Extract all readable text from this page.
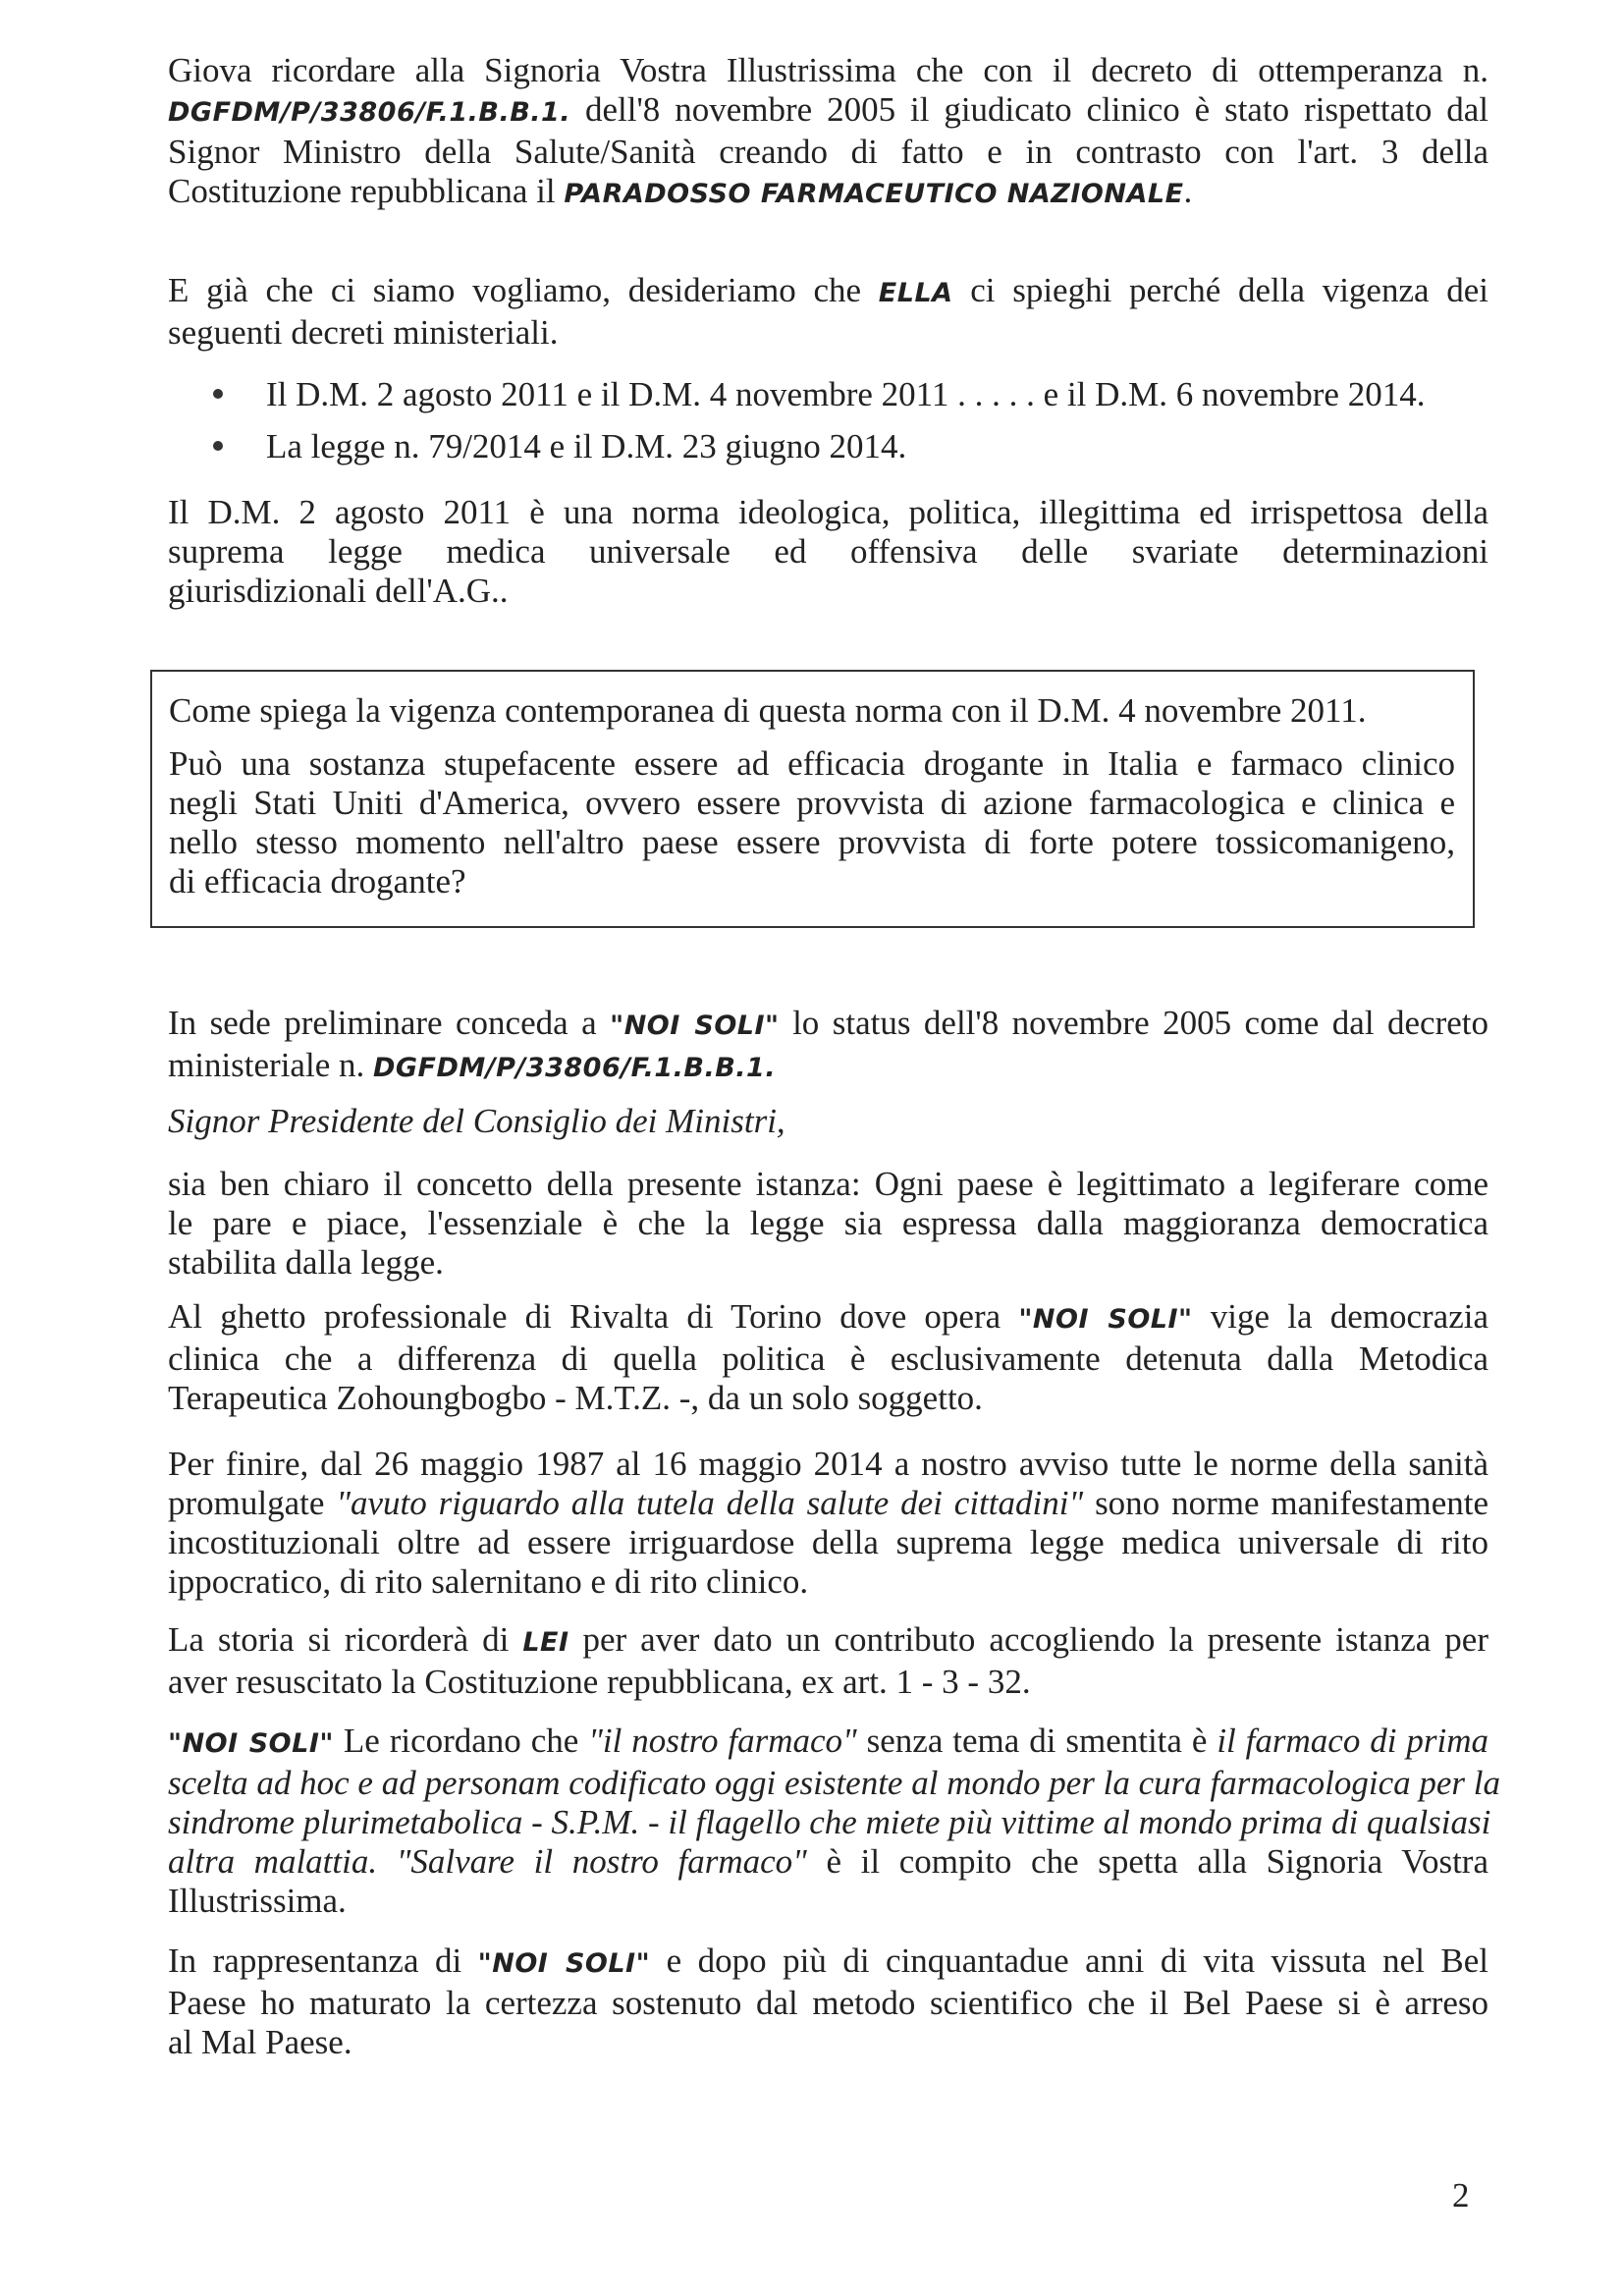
Giova ricordare alla Signoria Vostra Illustrissima che con il decreto di ottemperanza n.
DGFDM/P/33806/F.1.B.B.1. dell'8 novembre 2005 il giudicato clinico è stato rispettato dal
Signor Ministro della Salute/Sanità creando di fatto e in contrasto con l'art. 3 della
Costituzione repubblicana il PARADOSSO FARMACEUTICO NAZIONALE.
E già che ci siamo vogliamo, desideriamo che ELLA ci spieghi perché della vigenza dei
seguenti decreti ministeriali.
Il D.M. 2 agosto 2011 e il D.M. 4 novembre 2011 . . . . . e il D.M. 6 novembre 2014.
La legge n. 79/2014 e il D.M. 23 giugno 2014.
Il D.M. 2 agosto 2011 è una norma ideologica, politica, illegittima ed irrispettosa della
suprema legge medica universale ed offensiva delle svariate determinazioni
giurisdizionali dell'A.G..
Come spiega la vigenza contemporanea di questa norma con il D.M. 4 novembre 2011.
Può una sostanza stupefacente essere ad efficacia drogante in Italia e farmaco clinico
negli Stati Uniti d'America, ovvero essere provvista di azione farmacologica e clinica e
nello stesso momento nell'altro paese essere provvista di forte potere tossicomanigeno,
di efficacia drogante?
In sede preliminare conceda a "NOI SOLI" lo status dell'8 novembre 2005 come dal decreto
ministeriale n. DGFDM/P/33806/F.1.B.B.1.
Signor Presidente del Consiglio dei Ministri,
sia ben chiaro il concetto della presente istanza: Ogni paese è legittimato a legiferare come
le pare e piace, l'essenziale è che la legge sia espressa dalla maggioranza democratica
stabilita dalla legge.
Al ghetto professionale di Rivalta di Torino dove opera "NOI SOLI" vige la democrazia
clinica che a differenza di quella politica è esclusivamente detenuta dalla Metodica
Terapeutica Zohoungbogbo - M.T.Z. -, da un solo soggetto.
Per finire, dal 26 maggio 1987 al 16 maggio 2014 a nostro avviso tutte le norme della sanità
promulgate "avuto riguardo alla tutela della salute dei cittadini" sono norme manifestamente
incostituzionali oltre ad essere irriguardose della suprema legge medica universale di rito
ippocratico, di rito salernitano e di rito clinico.
La storia si ricorderà di LEI per aver dato un contributo accogliendo la presente istanza per
aver resuscitato la Costituzione repubblicana, ex art. 1 - 3 - 32.
"NOI SOLI" Le ricordano che "il nostro farmaco" senza tema di smentita è il farmaco di prima
scelta ad hoc e ad personam codificato oggi esistente al mondo per la cura farmacologica per la
sindrome plurimetabolica - S.P.M. - il flagello che miete più vittime al mondo prima di qualsiasi
altra malattia. "Salvare il nostro farmaco" è il compito che spetta alla Signoria Vostra
Illustrissima.
In rappresentanza di "NOI SOLI" e dopo più di cinquantadue anni di vita vissuta nel Bel
Paese ho maturato la certezza sostenuto dal metodo scientifico che il Bel Paese si è arreso
al Mal Paese.
2
